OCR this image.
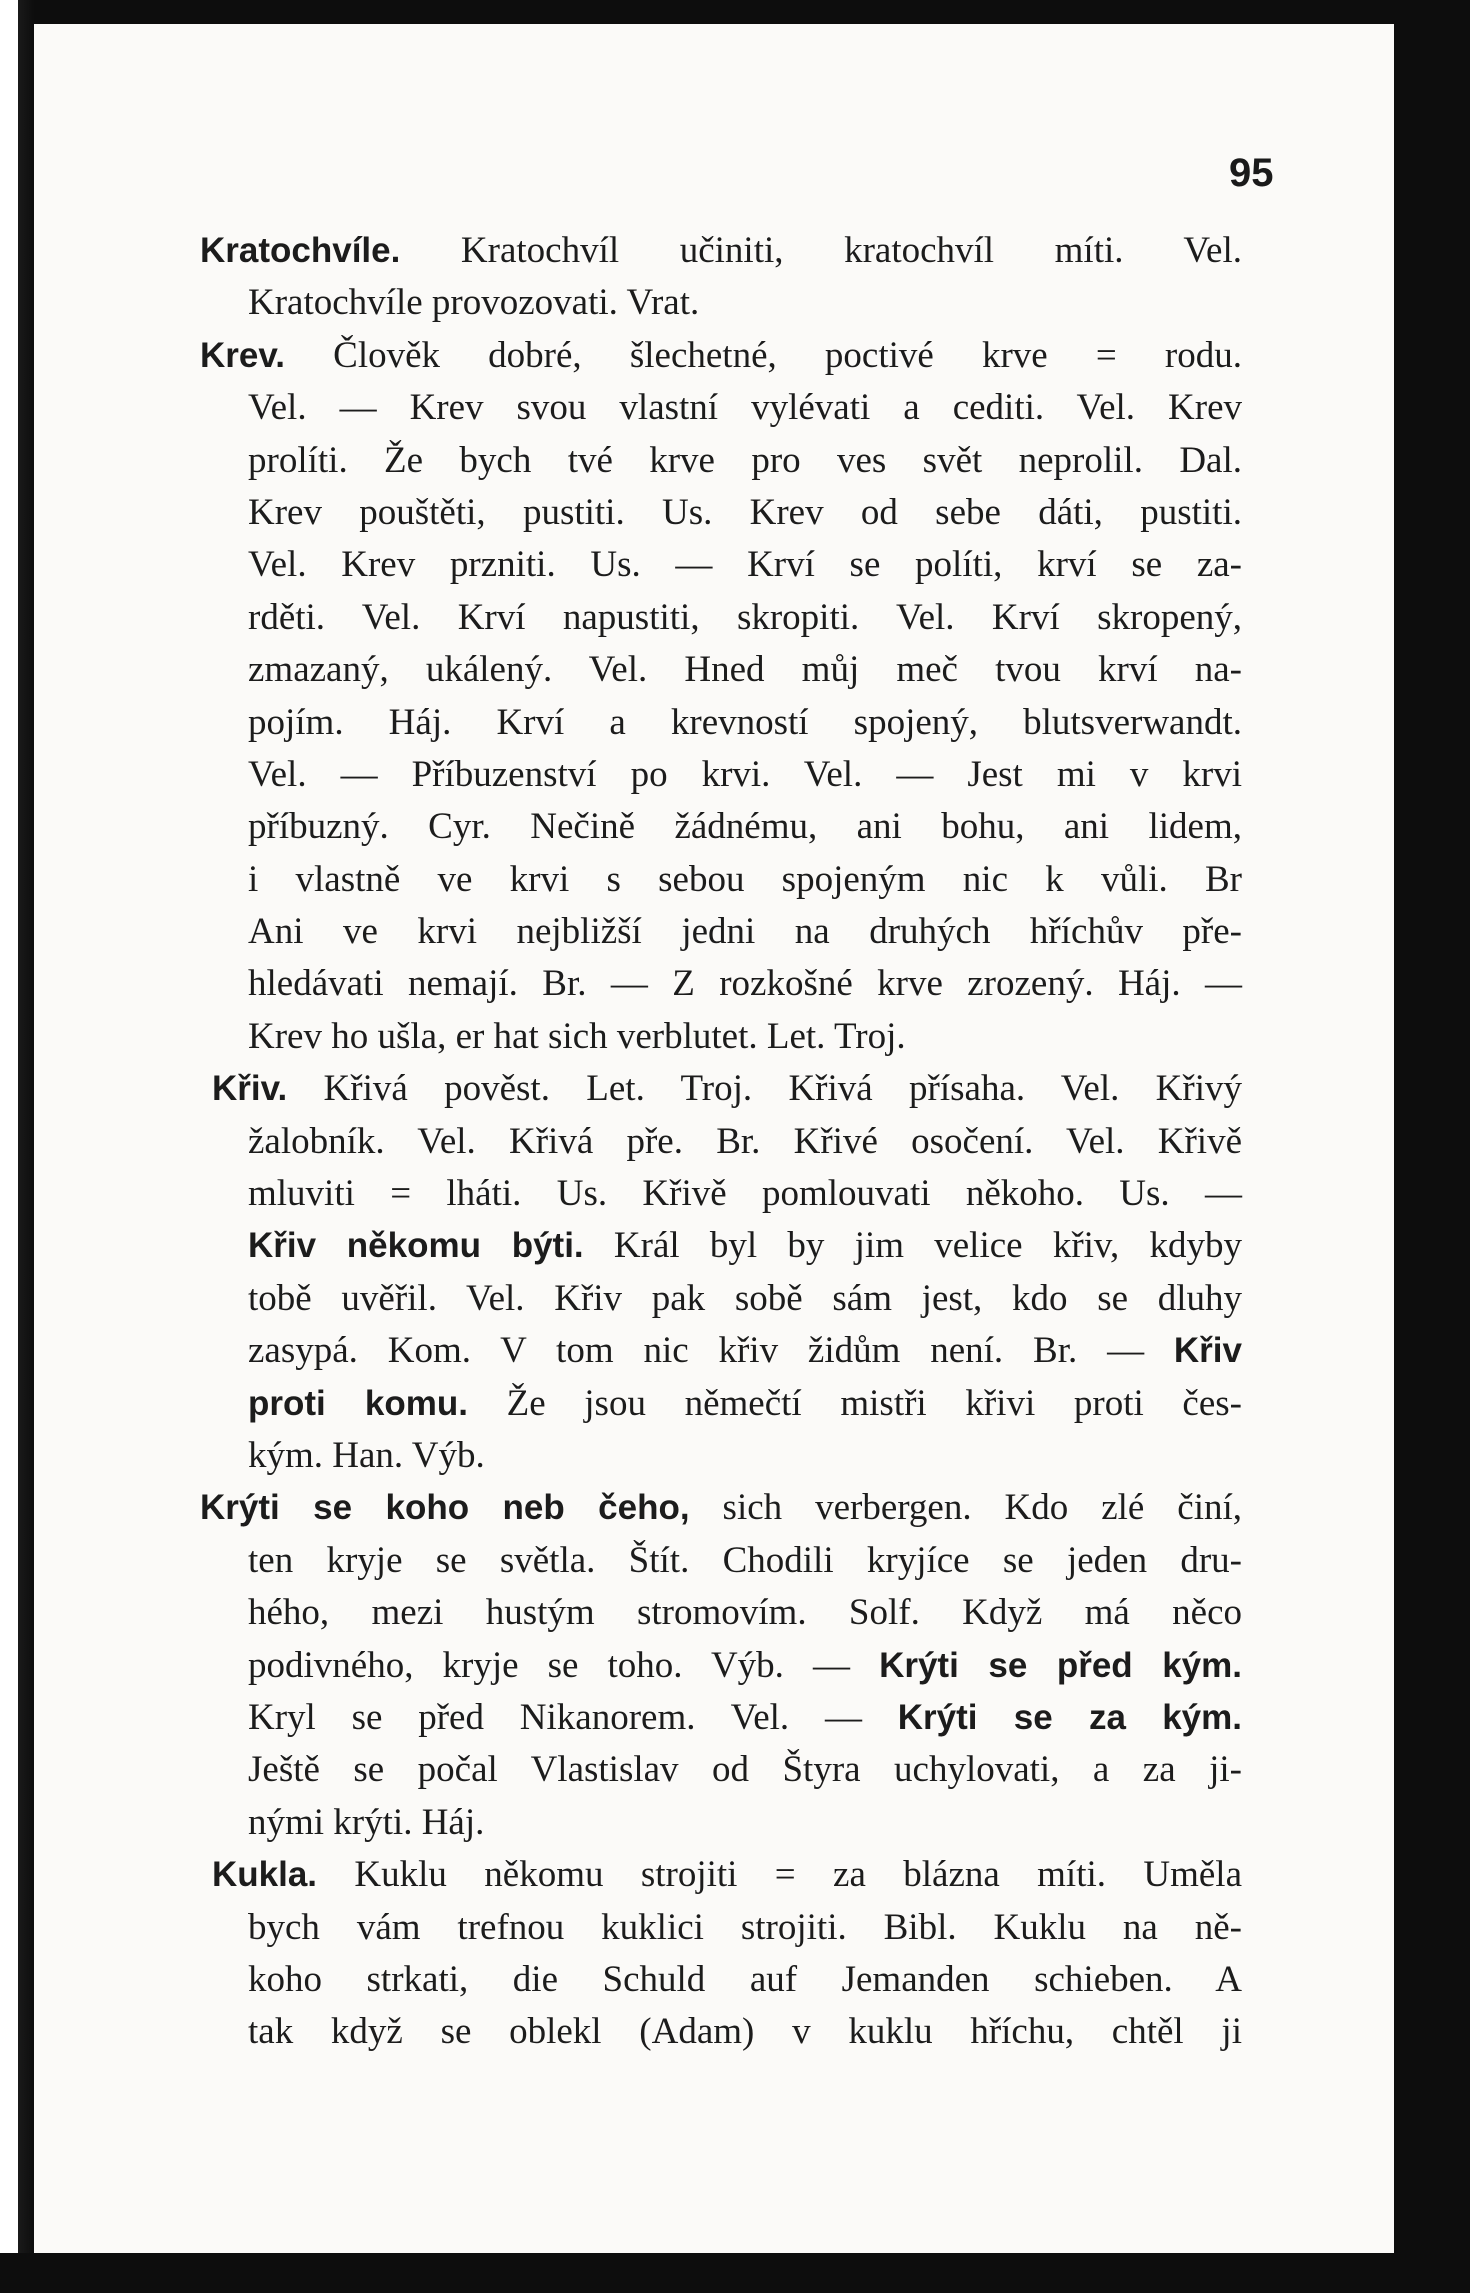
95
Kratochvíle. Kratochvíl učiniti, kratochvíl míti. Vel.
Kratochvíle provozovati. Vrat.
Krev. Člověk dobré, šlechetné, poctivé krve = rodu.
Vel. — Krev svou vlastní vylévati a cediti. Vel. Krev
prolíti. Že bych tvé krve pro ves svět neprolil. Dal.
Krev pouštěti, pustiti. Us. Krev od sebe dáti, pustiti.
Vel. Krev przniti. Us. — Krví se políti, krví se za-
rděti. Vel. Krví napustiti, skropiti. Vel. Krví skropený,
zmazaný, ukálený. Vel. Hned můj meč tvou krví na-
pojím. Háj. Krví a krevností spojený, blutsverwandt.
Vel. — Příbuzenství po krvi. Vel. — Jest mi v krvi
příbuzný. Cyr. Nečině žádnému, ani bohu, ani lidem,
i vlastně ve krvi s sebou spojeným nic k vůli. Br
Ani ve krvi nejbližší jedni na druhých hříchův pře-
hledávati nemají. Br. — Z rozkošné krve zrozený. Háj. —
Krev ho ušla, er hat sich verblutet. Let. Troj.
Křiv. Křivá pověst. Let. Troj. Křivá přísaha. Vel. Křivý
žalobník. Vel. Křivá pře. Br. Křivé osočení. Vel. Křivě
mluviti = lháti. Us. Křivě pomlouvati někoho. Us. —
Křiv někomu býti. Král byl by jim velice křiv, kdyby
tobě uvěřil. Vel. Křiv pak sobě sám jest, kdo se dluhy
zasypá. Kom. V tom nic křiv židům není. Br. — Křiv
proti komu. Že jsou němečtí mistři křivi proti čes-
kým. Han. Výb.
Krýti se koho neb čeho, sich verbergen. Kdo zlé činí,
ten kryje se světla. Štít. Chodili kryjíce se jeden dru-
hého, mezi hustým stromovím. Solf. Když má něco
podivného, kryje se toho. Výb. — Krýti se před kým.
Kryl se před Nikanorem. Vel. — Krýti se za kým.
Ještě se počal Vlastislav od Štyra uchylovati, a za ji-
nými krýti. Háj.
Kukla. Kuklu někomu strojiti = za blázna míti. Uměla
bych vám trefnou kuklici strojiti. Bibl. Kuklu na ně-
koho strkati, die Schuld auf Jemanden schieben. A
tak když se oblekl (Adam) v kuklu hříchu, chtěl ji
